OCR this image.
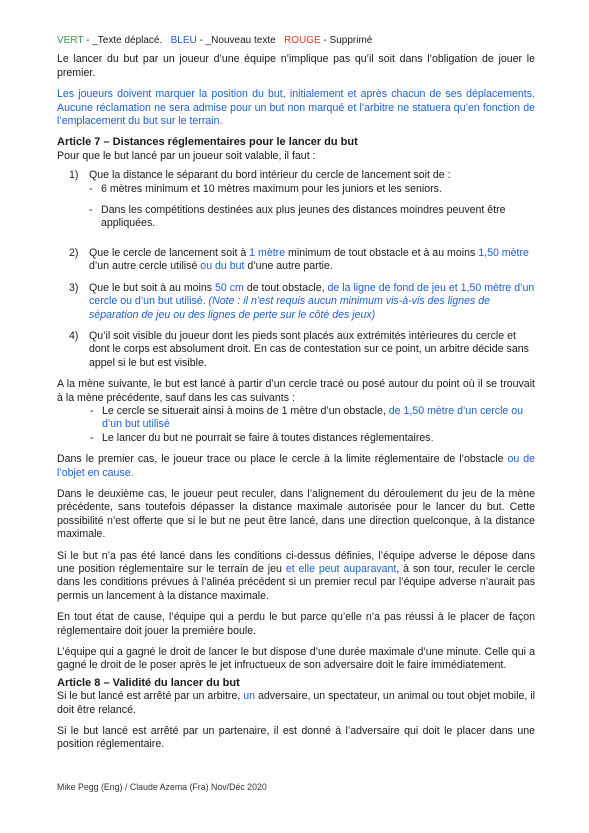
VERT - _Texte déplacé. BLEU - _Nouveau texte ROUGE - Supprimé

Le lancer du but par un joueur d’une équipe n’implique pas qu’il soit dans l’obligation de jouer le premier.

Les joueurs doivent marquer la position du but, initialement et après chacun de ses déplacements. Aucune réclamation ne sera admise pour un but non marqué et l’arbitre ne statuera qu’en fonction de l’emplacement du but sur le terrain.

Article 7 – Distances réglementaires pour le lancer du but

Pour que le but lancé par un joueur soit valable, il faut :

1) Que la distance le séparant du bord intérieur du cercle de lancement soit de :
- 6 mètres minimum et 10 mètres maximum pour les juniors et les seniors.
- Dans les compétitions destinées aux plus jeunes des distances moindres peuvent être appliquées.
2) Que le cercle de lancement soit à 1 mètre minimum de tout obstacle et à au moins 1,50 mètre d’un autre cercle utilisé ou du but d’une autre partie.
3) Que le but soit à au moins 50 cm de tout obstacle, de la ligne de fond de jeu et 1,50 mètre d’un cercle ou d’un but utilisé. (Note : il n’est requis aucun minimum vis-à-vis des lignes de séparation de jeu ou des lignes de perte sur le côté des jeux)
4) Qu’il soit visible du joueur dont les pieds sont placés aux extrémités intérieures du cercle et dont le corps est absolument droit. En cas de contestation sur ce point, un arbitre décide sans appel si le but est visible.

A la mène suivante, le but est lancé à partir d’un cercle tracé ou posé autour du point où il se trouvait à la mène précédente, sauf dans les cas suivants :

- Le cercle se situerait ainsi à moins de 1 mètre d’un obstacle, de 1,50 mètre d’un cercle ou d’un but utilisé
- Le lancer du but ne pourrait se faire à toutes distances réglementaires.

Dans le premier cas, le joueur trace ou place le cercle à la limite réglementaire de l’obstacle ou de l’objet en cause.

Dans le deuxième cas, le joueur peut reculer, dans l’alignement du déroulement du jeu de la mène précédente, sans toutefois dépasser la distance maximale autorisée pour le lancer du but. Cette possibilité n’est offerte que si le but ne peut être lancé, dans une direction quelconque, à la distance maximale.

Si le but n’a pas été lancé dans les conditions ci-dessus définies, l’équipe adverse le dépose dans une position réglementaire sur le terrain de jeu et elle peut auparavant, à son tour, reculer le cercle dans les conditions prévues à l’alinéa précédent si un premier recul par l’équipe adverse n’aurait pas permis un lancement à la distance maximale.

En tout état de cause, l’équipe qui a perdu le but parce qu’elle n’a pas réussi à le placer de façon réglementaire doit jouer la première boule.

L’équipe qui a gagné le droit de lancer le but dispose d’une durée maximale d’une minute. Celle qui a gagné le droit de le poser après le jet infructueux de son adversaire doit le faire immédiatement.

Article 8 – Validité du lancer du but

Si le but lancé est arrêté par un arbitre, un adversaire, un spectateur, un animal ou tout objet mobile, il doit être relancé.

Si le but lancé est arrêté par un partenaire, il est donné à l’adversaire qui doit le placer dans une position réglementaire.

Mike Pegg (Eng) / Claude Azema (Fra) Nov/Déc 2020
